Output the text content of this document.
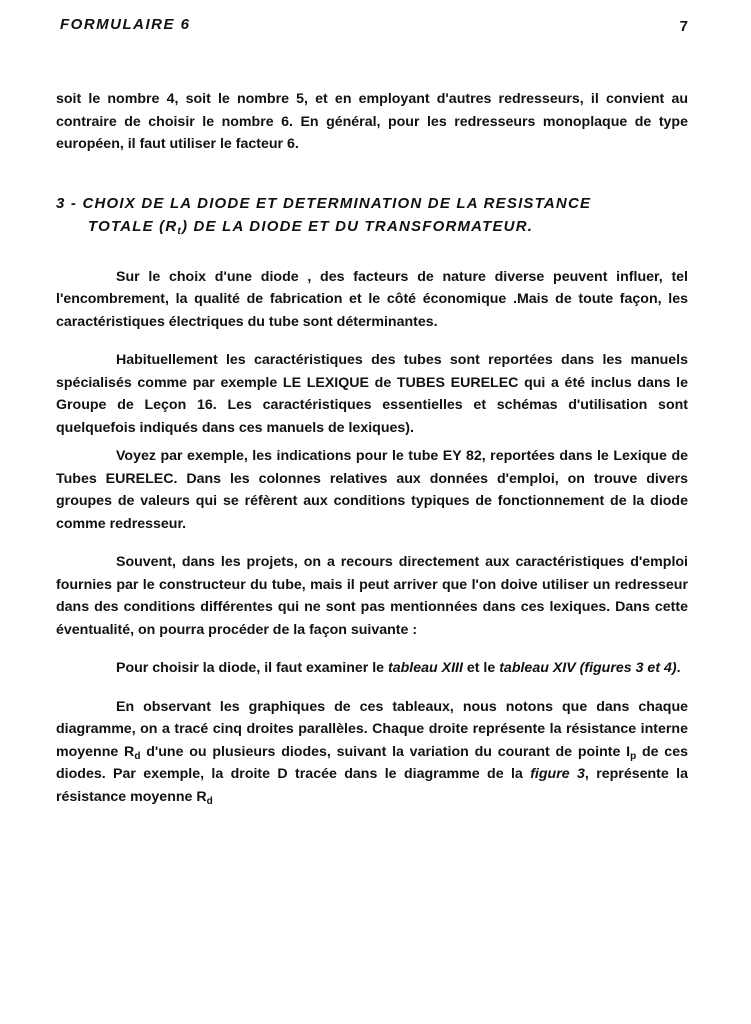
FORMULAIRE 6	7

soit le nombre 4, soit le nombre 5, et en employant d'autres redresseurs, il convient au contraire de choisir le nombre 6. En général, pour les redresseurs monoplaque de type européen, il faut utiliser le facteur 6.

3 - CHOIX DE LA DIODE ET DETERMINATION DE LA RESISTANCE
TOTALE $(R_t)$ DE LA DIODE ET DU TRANSFORMATEUR.

Sur le choix d'une diode , des facteurs de nature diverse peuvent influer, tel l'encombrement, la qualité de fabrication et le côté économique .Mais de toute façon, les caractéristiques électriques du tube sont déterminantes.

Habituellement les caractéristiques des tubes sont reportées dans les manuels spécialisés comme par exemple LE LEXIQUE de TUBES EURELEC qui a été inclus dans le Groupe de Leçon 16. Les caractéristiques essentielles et schémas d'utilisation sont quelquefois indiqués dans ces manuels de lexiques).

Voyez par exemple, les indications pour le tube EY 82, reportées dans le Lexique de Tubes EURELEC. Dans les colonnes relatives aux données d'emploi, on trouve divers groupes de valeurs qui se réfèrent aux conditions typiques de fonctionnement de la diode comme redresseur.

Souvent, dans les projets, on a recours directement aux caractéristiques d'emploi fournies par le constructeur du tube, mais il peut arriver que l'on doive utiliser un redresseur dans des conditions différentes qui ne sont pas mentionnées dans ces lexiques. Dans cette éventualité, on pourra procéder de la façon suivante :

Pour choisir la diode, il faut examiner le tableau XIII et le tableau XIV (figures 3 et 4).

En observant les graphiques de ces tableaux, nous notons que dans chaque diagramme, on a tracé cinq droites parallèles. Chaque droite représente la résistance interne moyenne $R_d$ d'une ou plusieurs diodes, suivant la variation du courant de pointe $I_p$ de ces diodes. Par exemple, la droite D tracée dans le diagramme de la figure 3, représente la résistance moyenne $R_d$
